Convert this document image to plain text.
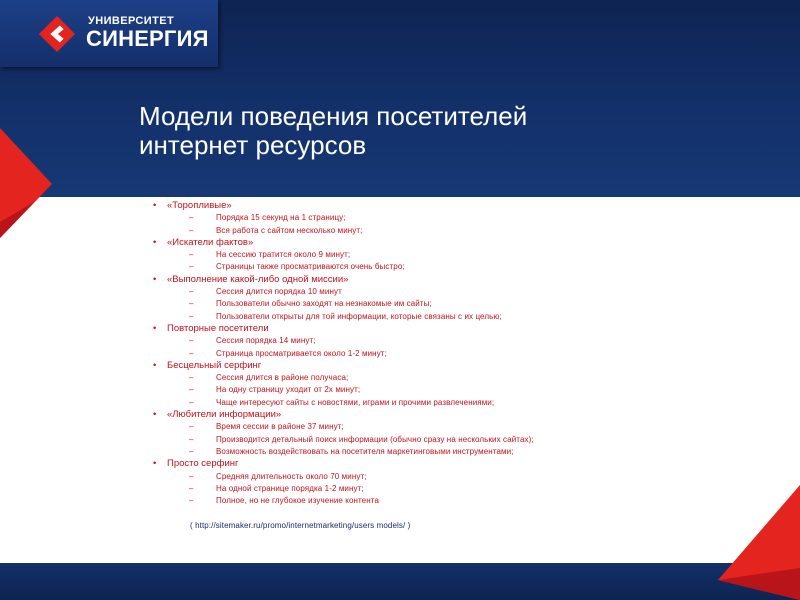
УНИВЕРСИТЕТ
СИНЕРГИЯ
Модели поведения посетителей
интернет ресурсов
• «Торопливые»
– Порядка 15 секунд на 1 страницу;
– Вся работа с сайтом несколько минут;
• «Искатели фактов»
– На сессию тратится около 9 минут;
– Страницы также просматриваются очень быстро;
• «Выполнение какой-либо одной миссии»
– Сессия длится порядка 10 минут
– Пользователи обычно заходят на незнакомые им сайты;
– Пользователи открыты для той информации, которые связаны с их целью;
• Повторные посетители
– Сессия порядка 14 минут;
– Страница просматривается около 1-2 минут;
• Бесцельный серфинг
– Сессия длится в районе получаса;
– На одну страницу уходит от 2х минут;
– Чаще интересуют сайты с новостями, играми и прочими развлечениями;
• «Любители информации»
– Время сессии в районе 37 минут;
– Производится детальный поиск информации (обычно сразу на нескольких сайтах);
– Возможность воздействовать на посетителя маркетинговыми инструментами;
• Просто серфинг
– Средняя длительность около 70 минут;
– На одной странице порядка 1-2 минут;
– Полное, но не глубокое изучение контента
( http://sitemaker.ru/promo/internetmarketing/users models/ )
